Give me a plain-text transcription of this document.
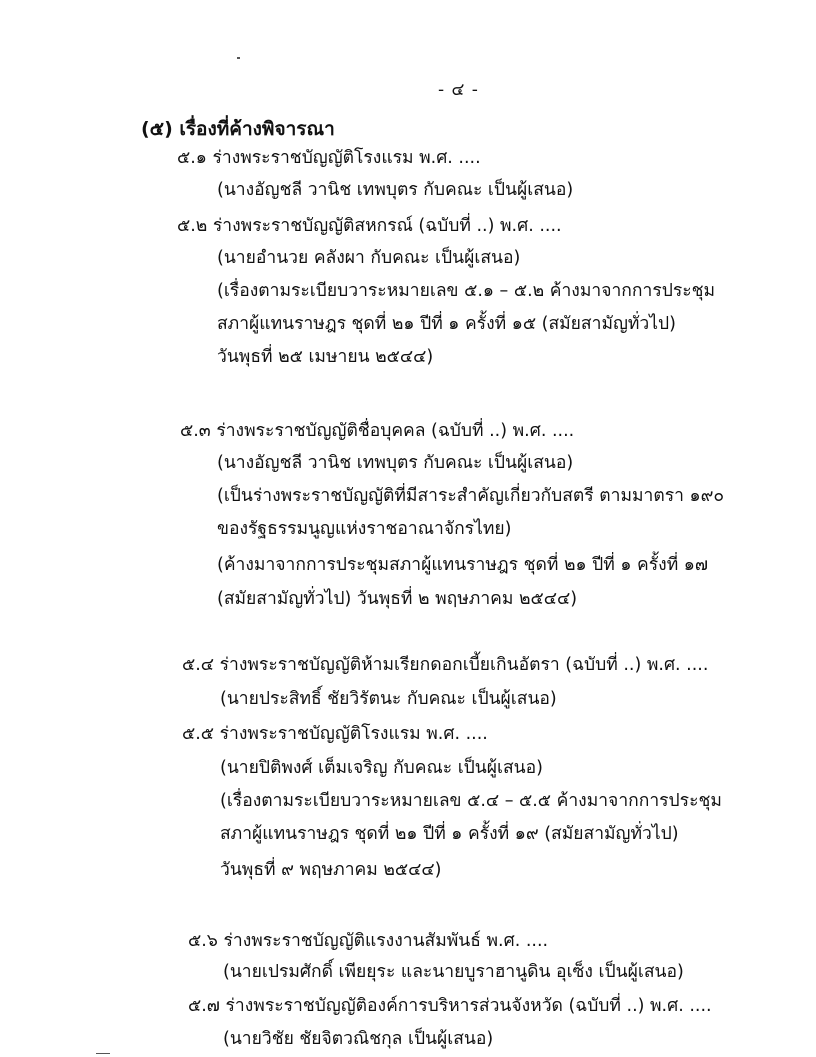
- ๔ -
(๕) เรื่องที่ค้างพิจารณา
๕.๑ ร่างพระราชบัญญัติโรงแรม พ.ศ. ....
(นางอัญชลี วานิช เทพบุตร กับคณะ เป็นผู้เสนอ)
๕.๒ ร่างพระราชบัญญัติสหกรณ์ (ฉบับที่ ..) พ.ศ. ....
(นายอำนวย คลังผา กับคณะ เป็นผู้เสนอ)
(เรื่องตามระเบียบวาระหมายเลข ๕.๑ – ๕.๒ ค้างมาจากการประชุม
สภาผู้แทนราษฎร ชุดที่ ๒๑ ปีที่ ๑ ครั้งที่ ๑๕ (สมัยสามัญทั่วไป)
วันพุธที่ ๒๕ เมษายน ๒๕๔๔)
๕.๓ ร่างพระราชบัญญัติชื่อบุคคล (ฉบับที่ ..) พ.ศ. ....
(นางอัญชลี วานิช เทพบุตร กับคณะ เป็นผู้เสนอ)
(เป็นร่างพระราชบัญญัติที่มีสาระสำคัญเกี่ยวกับสตรี ตามมาตรา ๑๙๐
ของรัฐธรรมนูญแห่งราชอาณาจักรไทย)
(ค้างมาจากการประชุมสภาผู้แทนราษฎร ชุดที่ ๒๑ ปีที่ ๑ ครั้งที่ ๑๗
(สมัยสามัญทั่วไป) วันพุธที่ ๒ พฤษภาคม ๒๕๔๔)
๕.๔ ร่างพระราชบัญญัติห้ามเรียกดอกเบี้ยเกินอัตรา (ฉบับที่ ..) พ.ศ. ....
(นายประสิทธิ์ ชัยวิรัตนะ กับคณะ เป็นผู้เสนอ)
๕.๕ ร่างพระราชบัญญัติโรงแรม พ.ศ. ....
(นายปิติพงศ์ เต็มเจริญ กับคณะ เป็นผู้เสนอ)
(เรื่องตามระเบียบวาระหมายเลข ๕.๔ – ๕.๕ ค้างมาจากการประชุม
สภาผู้แทนราษฎร ชุดที่ ๒๑ ปีที่ ๑ ครั้งที่ ๑๙ (สมัยสามัญทั่วไป)
วันพุธที่ ๙ พฤษภาคม ๒๕๔๔)
๕.๖ ร่างพระราชบัญญัติแรงงานสัมพันธ์ พ.ศ. ....
(นายเปรมศักดิ์ เพียยุระ และนายบูราฮานูดิน อุเซ็ง เป็นผู้เสนอ)
๕.๗ ร่างพระราชบัญญัติองค์การบริหารส่วนจังหวัด (ฉบับที่ ..) พ.ศ. ....
(นายวิชัย ชัยจิตวณิชกุล เป็นผู้เสนอ)
